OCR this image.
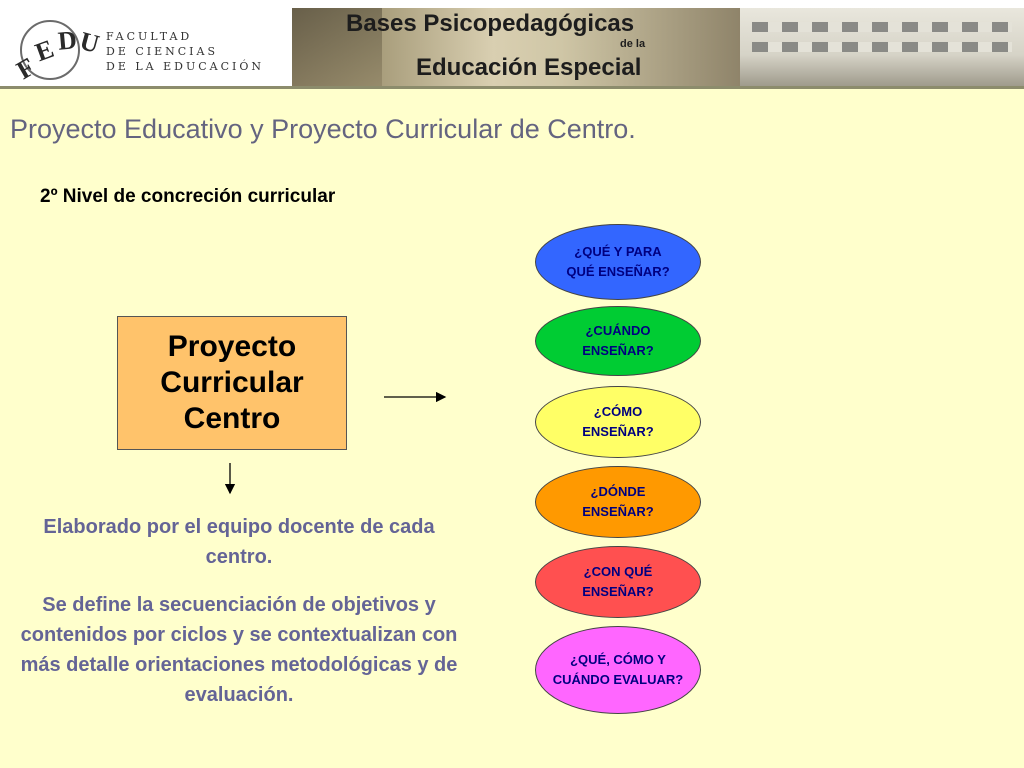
F
E D
U FACULTAD
DE CIENCIAS
DE LA EDUCACIÓN
Bases Psicopedagógicas
de la
Educación Especial
Proyecto Educativo y Proyecto Curricular de Centro.
2º Nivel de concreción curricular
Proyecto
Curricular
Centro
¿QUÉ Y PARA
QUÉ ENSEÑAR?
¿CUÁNDO
ENSEÑAR?
¿CÓMO
ENSEÑAR?
¿DÓNDE
ENSEÑAR?
¿CON QUÉ
ENSEÑAR?
¿QUÉ, CÓMO Y
CUÁNDO EVALUAR?
Elaborado por el equipo docente de cada centro.
Se define la secuenciación de objetivos y contenidos por ciclos y se contextualizan con más detalle orientaciones metodológicas y de evaluación.
